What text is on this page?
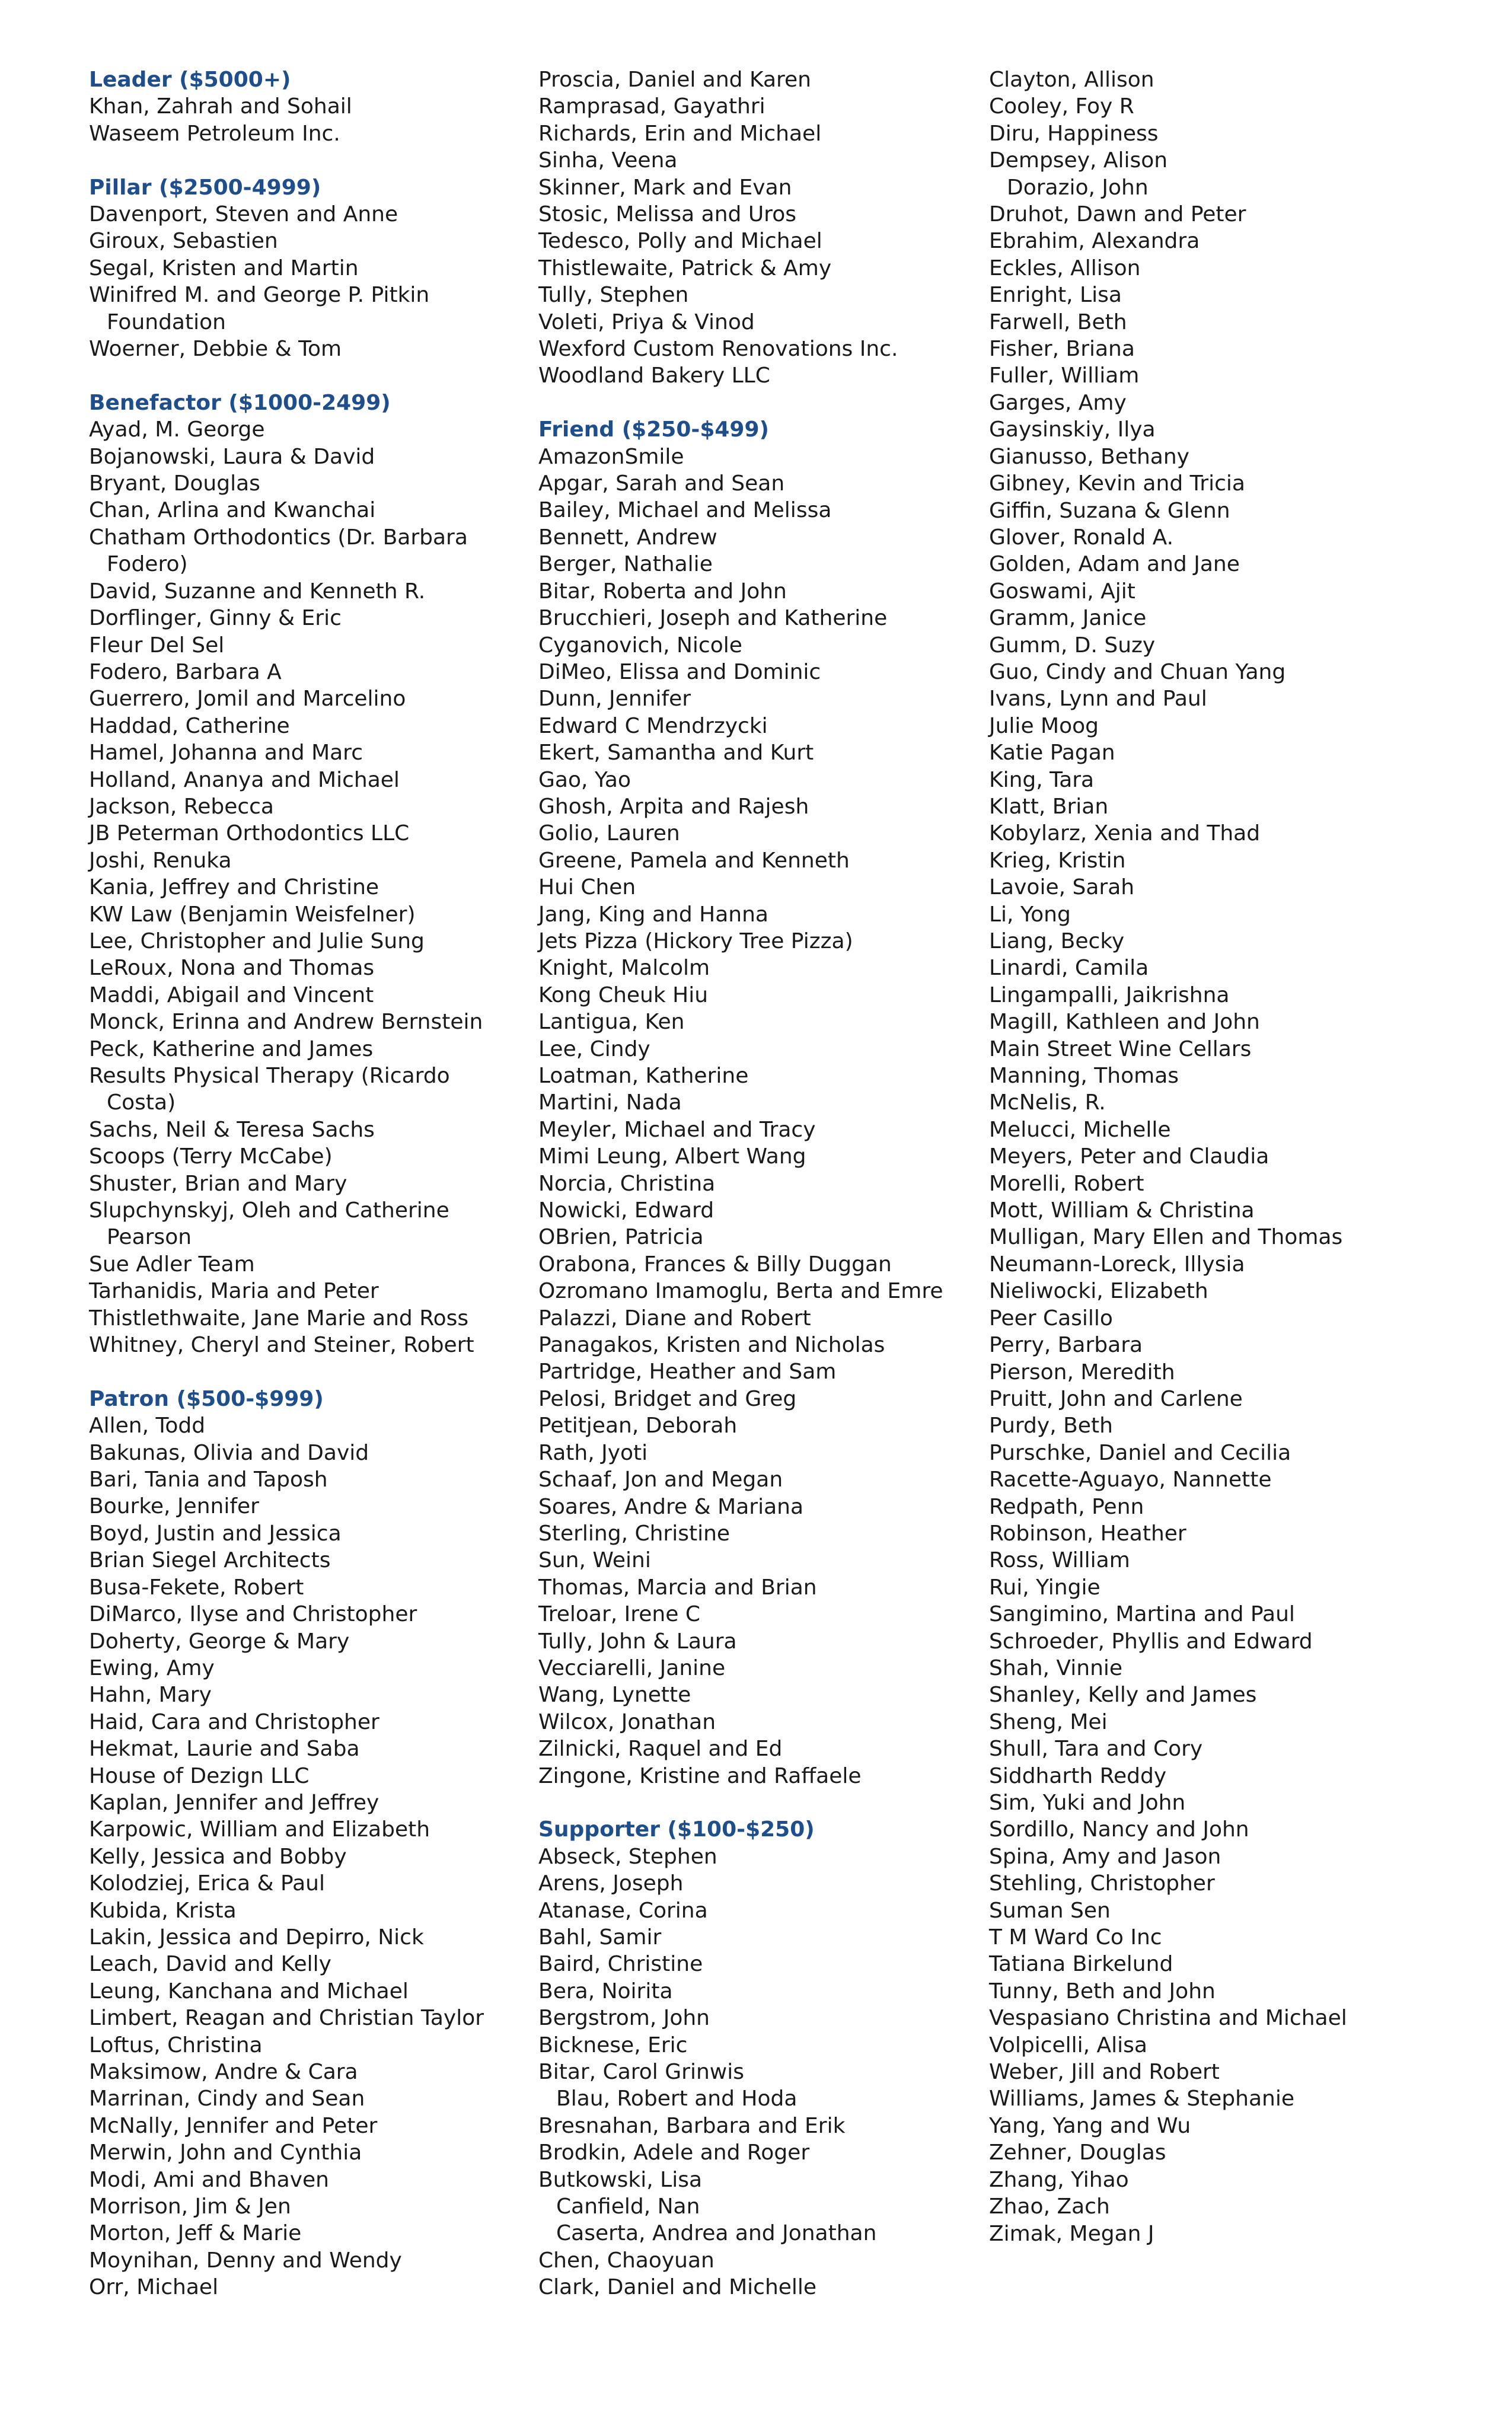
Leader ($5000+)
Khan, Zahrah and Sohail
Waseem Petroleum Inc.
Pillar ($2500-4999)
Davenport, Steven and Anne
Giroux, Sebastien
Segal, Kristen and Martin
Winifred M. and George P. Pitkin
Foundation
Woerner, Debbie & Tom
Benefactor ($1000-2499)
Ayad, M. George
Bojanowski, Laura & David
Bryant, Douglas
Chan, Arlina and Kwanchai
Chatham Orthodontics (Dr. Barbara
Fodero)
David, Suzanne and Kenneth R.
Dorflinger, Ginny & Eric
Fleur Del Sel
Fodero, Barbara A
Guerrero, Jomil and Marcelino
Haddad, Catherine
Hamel, Johanna and Marc
Holland, Ananya and Michael
Jackson, Rebecca
JB Peterman Orthodontics LLC
Joshi, Renuka
Kania, Jeffrey and Christine
KW Law (Benjamin Weisfelner)
Lee, Christopher and Julie Sung
LeRoux, Nona and Thomas
Maddi, Abigail and Vincent
Monck, Erinna and Andrew Bernstein
Peck, Katherine and James
Results Physical Therapy (Ricardo
Costa)
Sachs, Neil & Teresa Sachs
Scoops (Terry McCabe)
Shuster, Brian and Mary
Slupchynskyj, Oleh and Catherine
Pearson
Sue Adler Team
Tarhanidis, Maria and Peter
Thistlethwaite, Jane Marie and Ross
Whitney, Cheryl and Steiner, Robert
Patron ($500-$999)
Allen, Todd
Bakunas, Olivia and David
Bari, Tania and Taposh
Bourke, Jennifer
Boyd, Justin and Jessica
Brian Siegel Architects
Busa-Fekete, Robert
DiMarco, Ilyse and Christopher
Doherty, George & Mary
Ewing, Amy
Hahn, Mary
Haid, Cara and Christopher
Hekmat, Laurie and Saba
House of Dezign LLC
Kaplan, Jennifer and Jeffrey
Karpowic, William and Elizabeth
Kelly, Jessica and Bobby
Kolodziej, Erica & Paul
Kubida, Krista
Lakin, Jessica and Depirro, Nick
Leach, David and Kelly
Leung, Kanchana and Michael
Limbert, Reagan and Christian Taylor
Loftus, Christina
Maksimow, Andre & Cara
Marrinan, Cindy and Sean
McNally, Jennifer and Peter
Merwin, John and Cynthia
Modi, Ami and Bhaven
Morrison, Jim & Jen
Morton, Jeff & Marie
Moynihan, Denny and Wendy
Orr, Michael
Proscia, Daniel and Karen
Ramprasad, Gayathri
Richards, Erin and Michael
Sinha, Veena
Skinner, Mark and Evan
Stosic, Melissa and Uros
Tedesco, Polly and Michael
Thistlewaite, Patrick & Amy
Tully, Stephen
Voleti, Priya & Vinod
Wexford Custom Renovations Inc.
Woodland Bakery LLC
Friend ($250-$499)
AmazonSmile
Apgar, Sarah and Sean
Bailey, Michael and Melissa
Bennett, Andrew
Berger, Nathalie
Bitar, Roberta and John
Brucchieri, Joseph and Katherine
Cyganovich, Nicole
DiMeo, Elissa and Dominic
Dunn, Jennifer
Edward C Mendrzycki
Ekert, Samantha and Kurt
Gao, Yao
Ghosh, Arpita and Rajesh
Golio, Lauren
Greene, Pamela and Kenneth
Hui Chen
Jang, King and Hanna
Jets Pizza (Hickory Tree Pizza)
Knight, Malcolm
Kong Cheuk Hiu
Lantigua, Ken
Lee, Cindy
Loatman, Katherine
Martini, Nada
Meyler, Michael and Tracy
Mimi Leung, Albert Wang
Norcia, Christina
Nowicki, Edward
OBrien, Patricia
Orabona, Frances & Billy Duggan
Ozromano Imamoglu, Berta and Emre
Palazzi, Diane and Robert
Panagakos, Kristen and Nicholas
Partridge, Heather and Sam
Pelosi, Bridget and Greg
Petitjean, Deborah
Rath, Jyoti
Schaaf, Jon and Megan
Soares, Andre & Mariana
Sterling, Christine
Sun, Weini
Thomas, Marcia and Brian
Treloar, Irene C
Tully, John & Laura
Vecciarelli, Janine
Wang, Lynette
Wilcox, Jonathan
Zilnicki, Raquel and Ed
Zingone, Kristine and Raffaele
Supporter ($100-$250)
Abseck, Stephen
Arens, Joseph
Atanase, Corina
Bahl, Samir
Baird, Christine
Bera, Noirita
Bergstrom, John
Bicknese, Eric
Bitar, Carol Grinwis
Blau, Robert and Hoda
Bresnahan, Barbara and Erik
Brodkin, Adele and Roger
Butkowski, Lisa
Canfield, Nan
Caserta, Andrea and Jonathan
Chen, Chaoyuan
Clark, Daniel and Michelle
Clayton, Allison
Cooley, Foy R
Diru, Happiness
Dempsey, Alison
Dorazio, John
Druhot, Dawn and Peter
Ebrahim, Alexandra
Eckles, Allison
Enright, Lisa
Farwell, Beth
Fisher, Briana
Fuller, William
Garges, Amy
Gaysinskiy, Ilya
Gianusso, Bethany
Gibney, Kevin and Tricia
Giffin, Suzana & Glenn
Glover, Ronald A.
Golden, Adam and Jane
Goswami, Ajit
Gramm, Janice
Gumm, D. Suzy
Guo, Cindy and Chuan Yang
Ivans, Lynn and Paul
Julie Moog
Katie Pagan
King, Tara
Klatt, Brian
Kobylarz, Xenia and Thad
Krieg, Kristin
Lavoie, Sarah
Li, Yong
Liang, Becky
Linardi, Camila
Lingampalli, Jaikrishna
Magill, Kathleen and John
Main Street Wine Cellars
Manning, Thomas
McNelis, R.
Melucci, Michelle
Meyers, Peter and Claudia
Morelli, Robert
Mott, William & Christina
Mulligan, Mary Ellen and Thomas
Neumann-Loreck, Illysia
Nieliwocki, Elizabeth
Peer Casillo
Perry, Barbara
Pierson, Meredith
Pruitt, John and Carlene
Purdy, Beth
Purschke, Daniel and Cecilia
Racette-Aguayo, Nannette
Redpath, Penn
Robinson, Heather
Ross, William
Rui, Yingie
Sangimino, Martina and Paul
Schroeder, Phyllis and Edward
Shah, Vinnie
Shanley, Kelly and James
Sheng, Mei
Shull, Tara and Cory
Siddharth Reddy
Sim, Yuki and John
Sordillo, Nancy and John
Spina, Amy and Jason
Stehling, Christopher
Suman Sen
T M Ward Co Inc
Tatiana Birkelund
Tunny, Beth and John
Vespasiano Christina and Michael
Volpicelli, Alisa
Weber, Jill and Robert
Williams, James & Stephanie
Yang, Yang and Wu
Zehner, Douglas
Zhang, Yihao
Zhao, Zach
Zimak, Megan J
